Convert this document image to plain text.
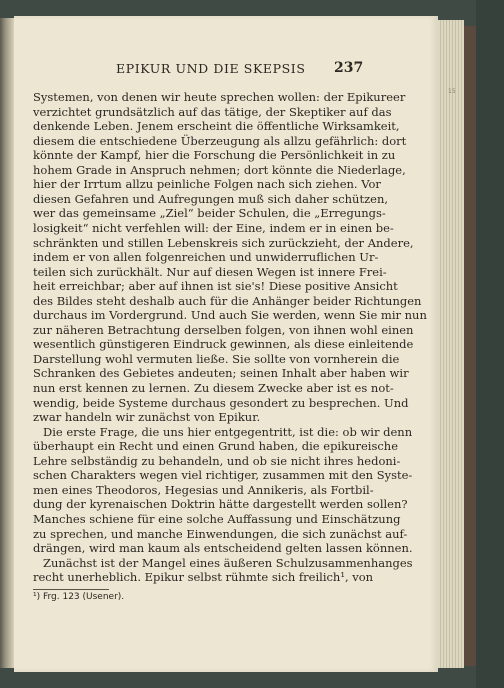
15
EPIKUR UND DIE SKEPSIS 237
Systemen, von denen wir heute sprechen wollen: der Epikureer
verzichtet grundsätzlich auf das tätige, der Skeptiker auf das
denkende Leben. Jenem erscheint die öffentliche Wirksamkeit,
diesem die entschiedene Überzeugung als allzu gefährlich: dort
könnte der Kampf, hier die Forschung die Persönlichkeit in zu
hohem Grade in Anspruch nehmen; dort könnte die Niederlage,
hier der Irrtum allzu peinliche Folgen nach sich ziehen. Vor
diesen Gefahren und Aufregungen muß sich daher schützen,
wer das gemeinsame „Ziel“ beider Schulen, die „Erregungs-
losigkeit“ nicht verfehlen will: der Eine, indem er in einen be-
schränkten und stillen Lebenskreis sich zurückzieht, der Andere,
indem er von allen folgenreichen und unwiderruflichen Ur-
teilen sich zurückhält. Nur auf diesen Wegen ist innere Frei-
heit erreichbar; aber auf ihnen ist sie's! Diese positive Ansicht
des Bildes steht deshalb auch für die Anhänger beider Richtungen
durchaus im Vordergrund. Und auch Sie werden, wenn Sie mir nun
zur näheren Betrachtung derselben folgen, von ihnen wohl einen
wesentlich günstigeren Eindruck gewinnen, als diese einleitende
Darstellung wohl vermuten ließe. Sie sollte von vornherein die
Schranken des Gebietes andeuten; seinen Inhalt aber haben wir
nun erst kennen zu lernen. Zu diesem Zwecke aber ist es not-
wendig, beide Systeme durchaus gesondert zu besprechen. Und
zwar handeln wir zunächst von Epikur.
Die erste Frage, die uns hier entgegentritt, ist die: ob wir denn
überhaupt ein Recht und einen Grund haben, die epikureische
Lehre selbständig zu behandeln, und ob sie nicht ihres hedoni-
schen Charakters wegen viel richtiger, zusammen mit den Syste-
men eines Theodoros, Hegesias und Annikeris, als Fortbil-
dung der kyrenaischen Doktrin hätte dargestellt werden sollen?
Manches schiene für eine solche Auffassung und Einschätzung
zu sprechen, und manche Einwendungen, die sich zunächst auf-
drängen, wird man kaum als entscheidend gelten lassen können.
Zunächst ist der Mangel eines äußeren Schulzusammenhanges
recht unerheblich. Epikur selbst rühmte sich freilich¹, von
¹) Frg. 123 (Usener).
